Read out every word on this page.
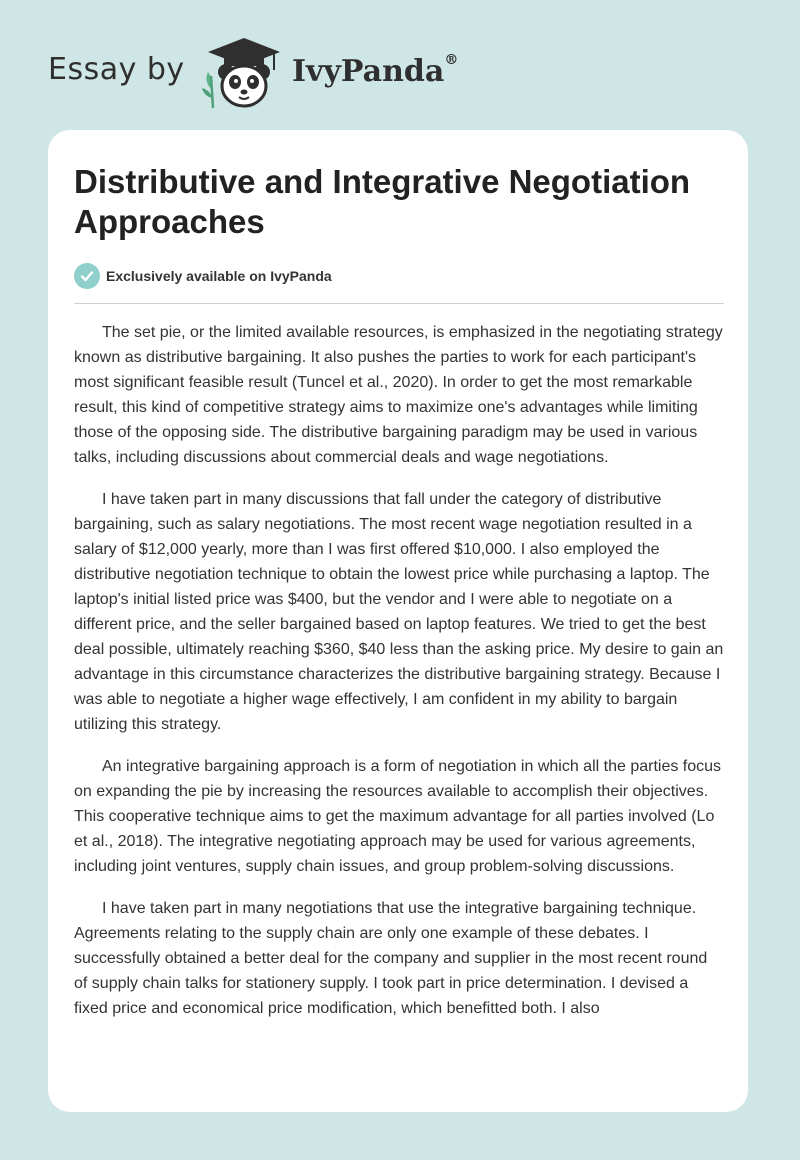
Essay by	IvyPanda®
Distributive and Integrative Negotiation Approaches
Exclusively available on IvyPanda

The set pie, or the limited available resources, is emphasized in the negotiating strategy known as distributive bargaining. It also pushes the parties to work for each participant's most significant feasible result (Tuncel et al., 2020). In order to get the most remarkable result, this kind of competitive strategy aims to maximize one's advantages while limiting those of the opposing side. The distributive bargaining paradigm may be used in various talks, including discussions about commercial deals and wage negotiations.

I have taken part in many discussions that fall under the category of distributive bargaining, such as salary negotiations. The most recent wage negotiation resulted in a salary of $12,000 yearly, more than I was first offered $10,000. I also employed the distributive negotiation technique to obtain the lowest price while purchasing a laptop. The laptop's initial listed price was $400, but the vendor and I were able to negotiate on a different price, and the seller bargained based on laptop features. We tried to get the best deal possible, ultimately reaching $360, $40 less than the asking price. My desire to gain an advantage in this circumstance characterizes the distributive bargaining strategy. Because I was able to negotiate a higher wage effectively, I am confident in my ability to bargain utilizing this strategy.

An integrative bargaining approach is a form of negotiation in which all the parties focus on expanding the pie by increasing the resources available to accomplish their objectives. This cooperative technique aims to get the maximum advantage for all parties involved (Lo et al., 2018). The integrative negotiating approach may be used for various agreements, including joint ventures, supply chain issues, and group problem-solving discussions.

I have taken part in many negotiations that use the integrative bargaining technique. Agreements relating to the supply chain are only one example of these debates. I successfully obtained a better deal for the company and supplier in the most recent round of supply chain talks for stationery supply. I took part in price determination. I devised a fixed price and economical price modification, which benefitted both. I also
